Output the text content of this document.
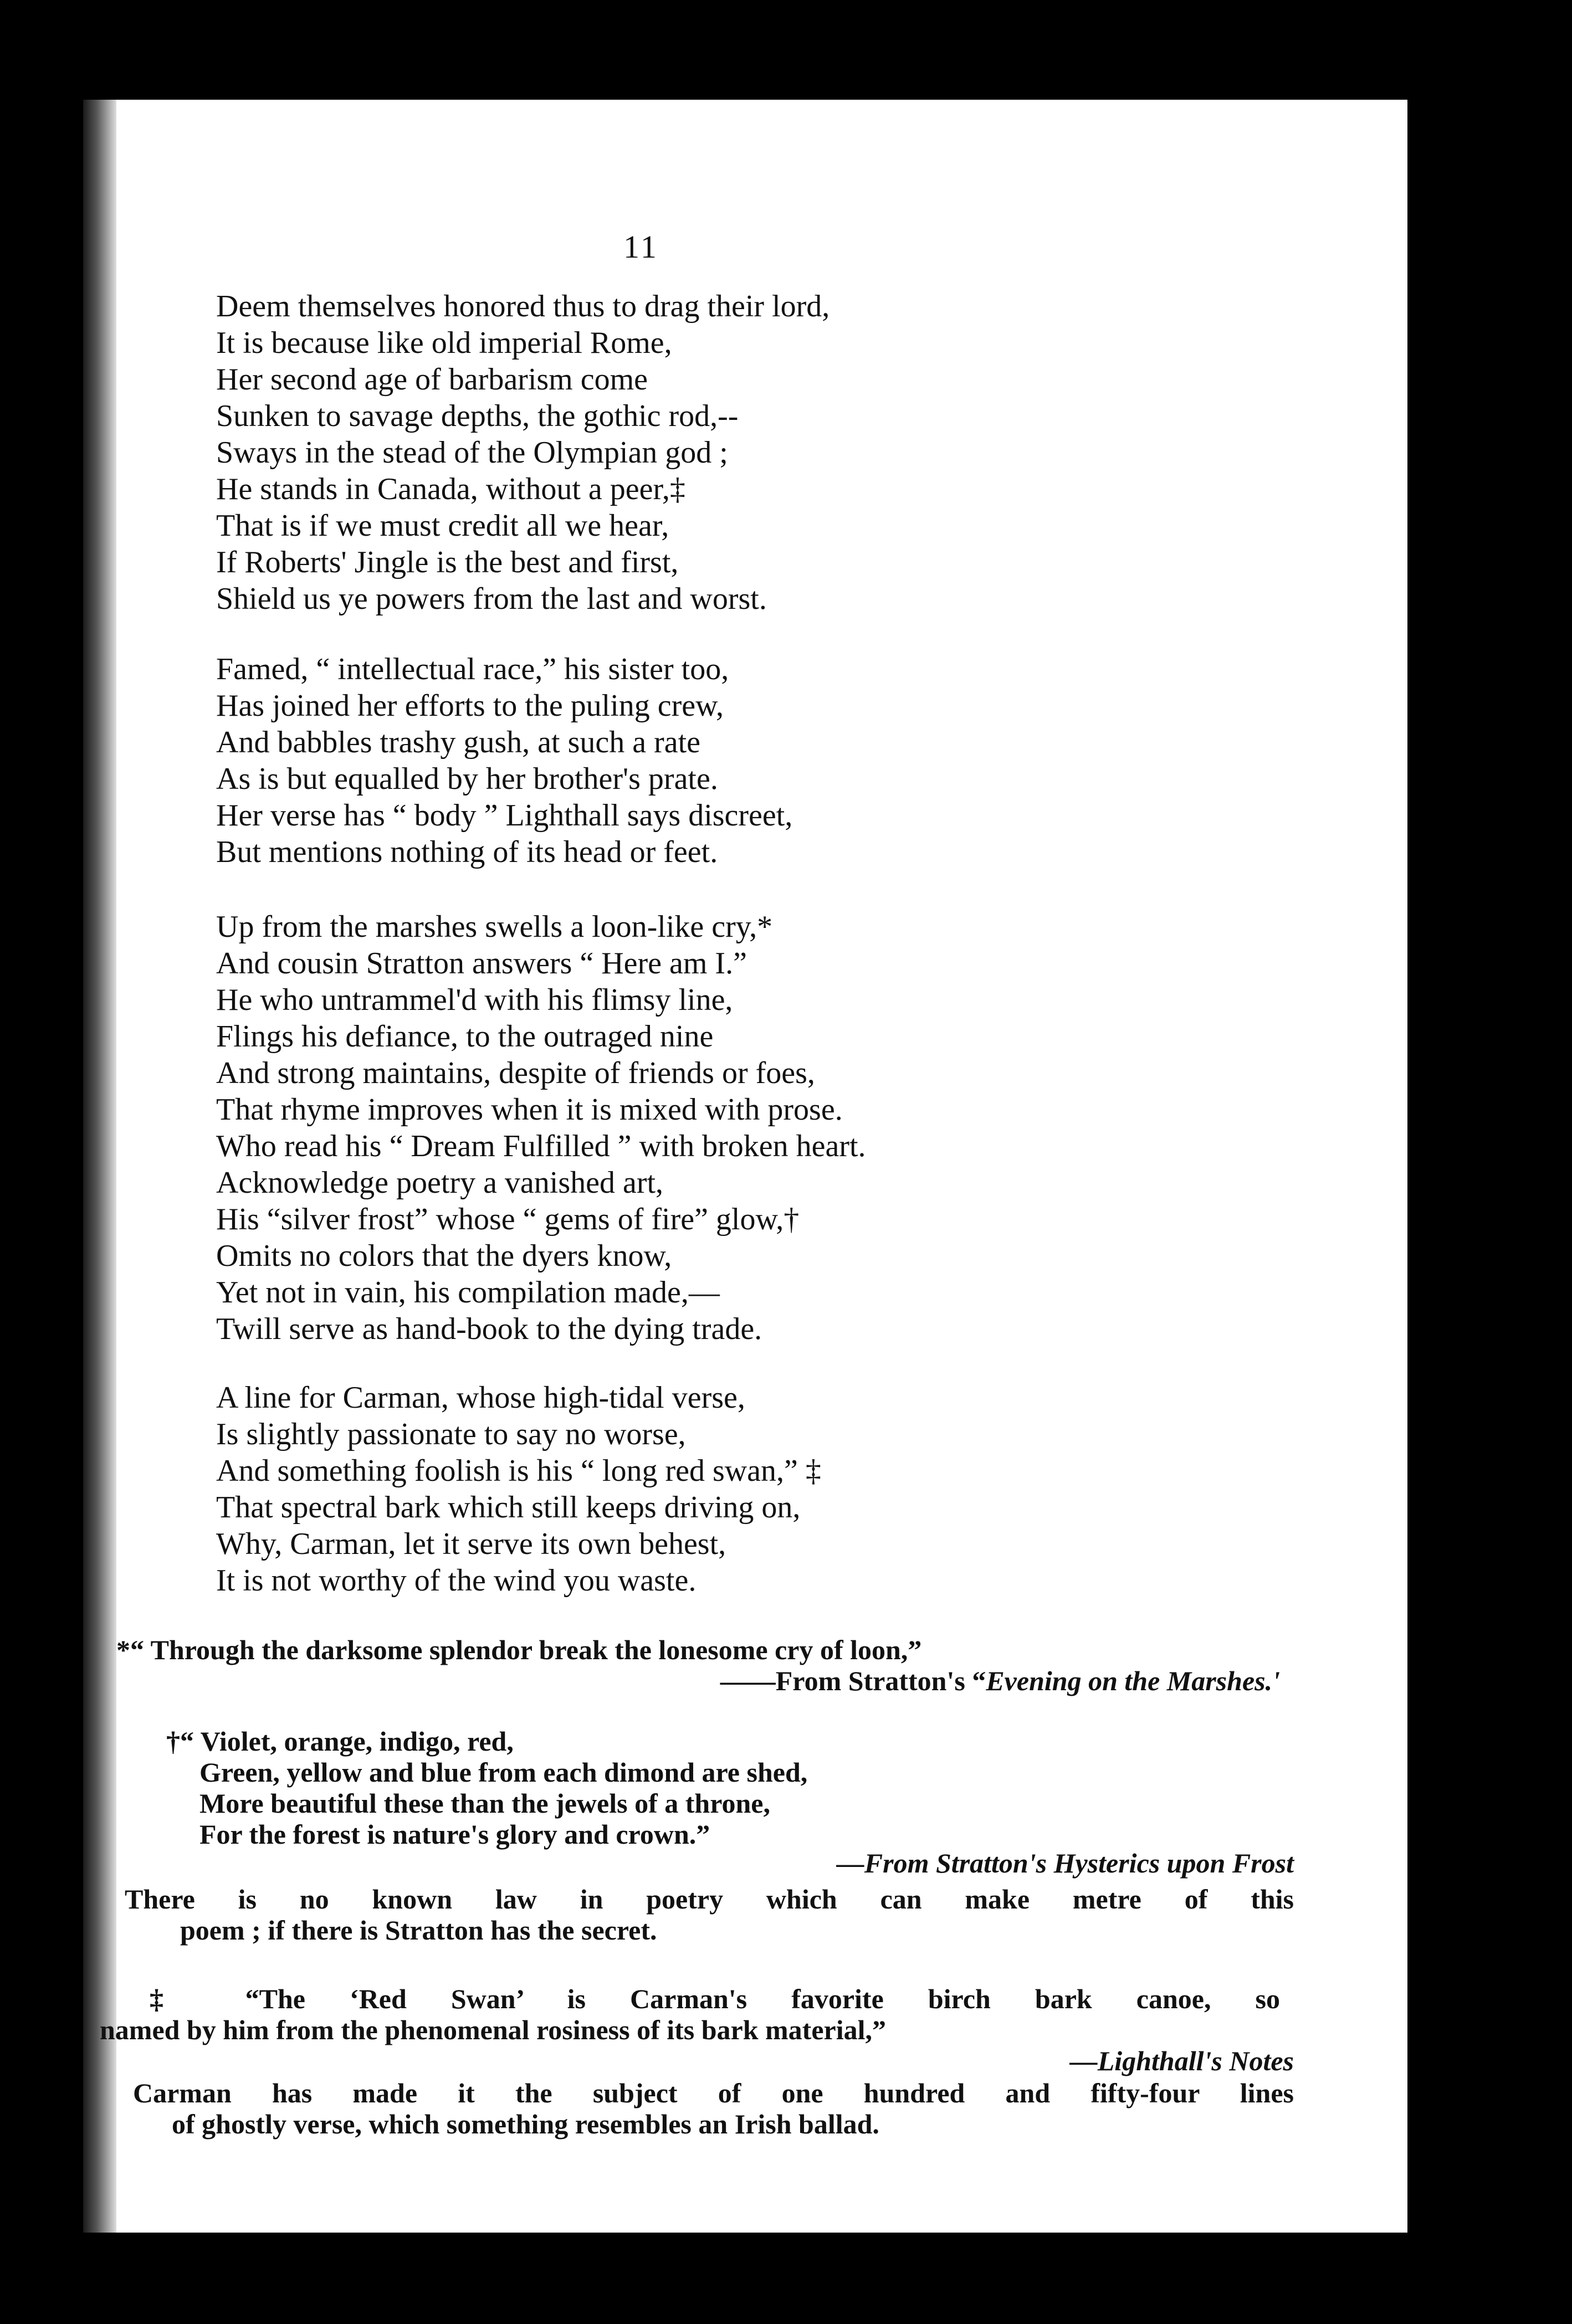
11
Deem themselves honored thus to drag their lord,
It is because like old imperial Rome,
Her second age of barbarism come
Sunken to savage depths, the gothic rod,--
Sways in the stead of the Olympian god ;
He stands in Canada, without a peer,‡
That is if we must credit all we hear,
If Roberts' Jingle is the best and first,
Shield us ye powers from the last and worst.
Famed, “ intellectual race,” his sister too,
Has joined her efforts to the puling crew,
And babbles trashy gush, at such a rate
As is but equalled by her brother's prate.
Her verse has “ body ” Lighthall says discreet,
But mentions nothing of its head or feet.
Up from the marshes swells a loon-like cry,*
And cousin Stratton answers “ Here am I.”
He who untrammel'd with his flimsy line,
Flings his defiance, to the outraged nine
And strong maintains, despite of friends or foes,
That rhyme improves when it is mixed with prose.
Who read his “ Dream Fulfilled ” with broken heart.
Acknowledge poetry a vanished art,
His “silver frost” whose “ gems of fire” glow,†
Omits no colors that the dyers know,
Yet not in vain, his compilation made,—
Twill serve as hand-book to the dying trade.
A line for Carman, whose high-tidal verse,
Is slightly passionate to say no worse,
And something foolish is his “ long red swan,” ‡
That spectral bark which still keeps driving on,
Why, Carman, let it serve its own behest,
It is not worthy of the wind you waste.
*“ Through the darksome splendor break the lonesome cry of loon,”
——From Stratton's “Evening on the Marshes.'
†“ Violet, orange, indigo, red,
Green, yellow and blue from each dimond are shed,
More beautiful these than the jewels of a throne,
For the forest is nature's glory and crown.”
—From Stratton's Hysterics upon Frost
There is no known law in poetry which can make metre of this
poem ; if there is Stratton has the secret.
‡ “The ‘Red Swan’ is Carman's favorite birch bark canoe, so
named by him from the phenomenal rosiness of its bark material,”
—Lighthall's Notes
Carman has made it the subject of one hundred and fifty-four lines
of ghostly verse, which something resembles an Irish ballad.
